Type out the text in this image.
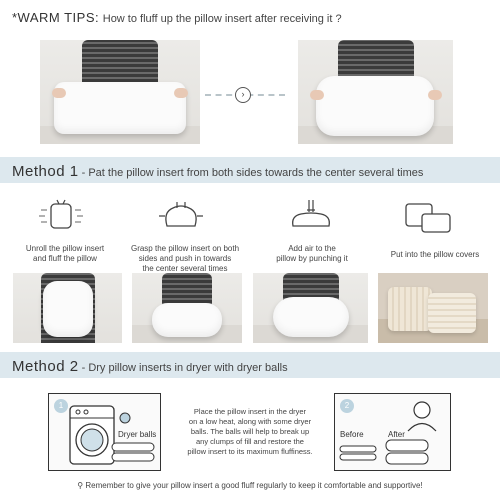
*WARM TIPS: How to fluff up the pillow insert after receiving it ?
›
Method 1 - Pat the pillow insert from both sides towards the center several times
Unroll the pillow insert
and fluff the pillow
Grasp the pillow insert on both
sides and push in towards
the center several times
Add air to the
pillow by punching it	Put into the pillow covers
Method 2 - Dry pillow inserts in dryer with dryer balls
1
Dryer balls
Place the pillow insert in the dryer
on a low heat, along with some dryer
balls. The balls will help to break up
any clumps of fill and restore the
pillow insert to its maximum fluffiness.
2
Before	After
⚲ Remember to give your pillow insert a good fluff regularly to keep it comfortable and supportive!
